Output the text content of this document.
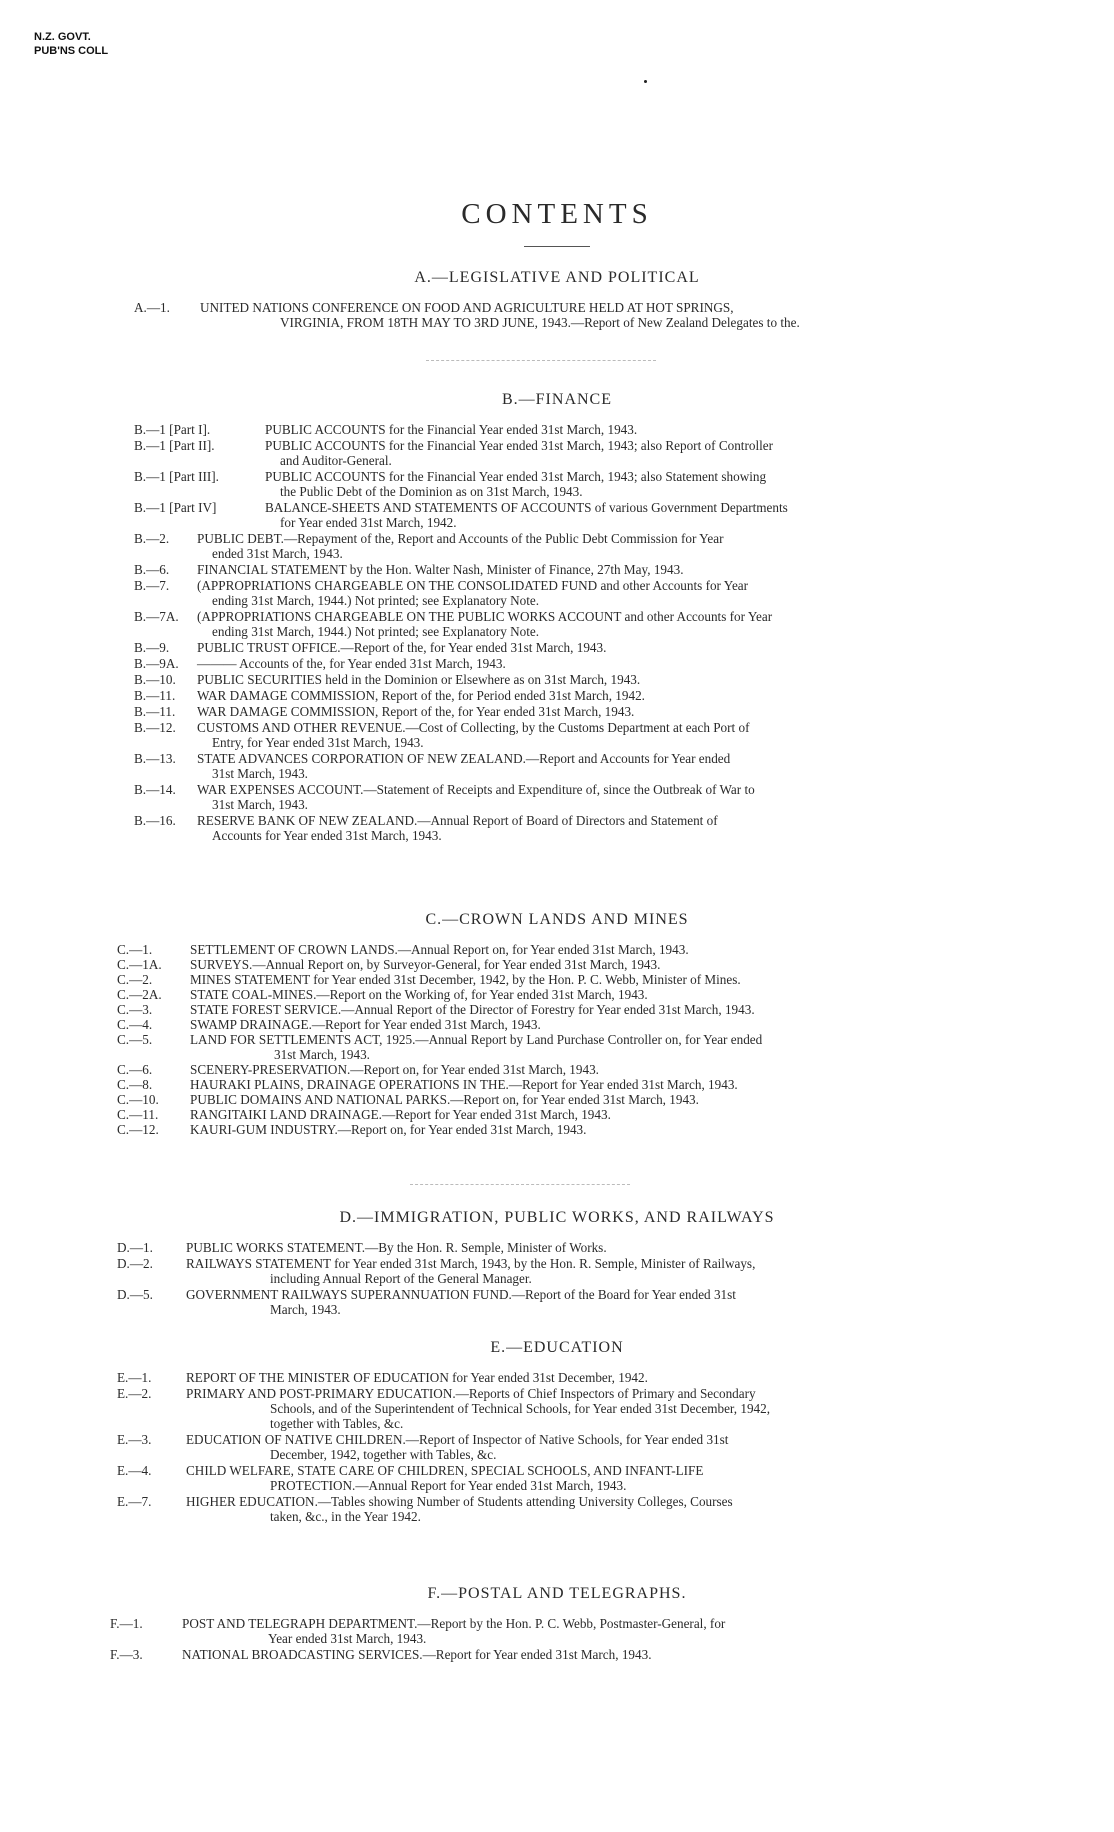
N.Z. GOVT.
PUB'NS COLL
CONTENTS
A.—LEGISLATIVE AND POLITICAL
A.—1. UNITED NATIONS CONFERENCE ON FOOD AND AGRICULTURE HELD AT HOT SPRINGS,
VIRGINIA, FROM 18TH MAY TO 3RD JUNE, 1943.—Report of New Zealand Delegates to the.
B.—FINANCE
B.—1 [Part I].	PUBLIC ACCOUNTS for the Financial Year ended 31st March, 1943.
B.—1 [Part II].	PUBLIC ACCOUNTS for the Financial Year ended 31st March, 1943; also Report of Controller
and Auditor-General.
B.—1 [Part III].	PUBLIC ACCOUNTS for the Financial Year ended 31st March, 1943; also Statement showing
the Public Debt of the Dominion as on 31st March, 1943.
B.—1 [Part IV]	BALANCE-SHEETS AND STATEMENTS OF ACCOUNTS of various Government Departments
for Year ended 31st March, 1942.
B.—2. PUBLIC DEBT.—Repayment of the, Report and Accounts of the Public Debt Commission for Year
ended 31st March, 1943.
B.—6. FINANCIAL STATEMENT by the Hon. Walter Nash, Minister of Finance, 27th May, 1943.
B.—7. (APPROPRIATIONS CHARGEABLE ON THE CONSOLIDATED FUND and other Accounts for Year
ending 31st March, 1944.) Not printed; see Explanatory Note.
B.—7A. (APPROPRIATIONS CHARGEABLE ON THE PUBLIC WORKS ACCOUNT and other Accounts for Year
ending 31st March, 1944.) Not printed; see Explanatory Note.
B.—9. PUBLIC TRUST OFFICE.—Report of the, for Year ended 31st March, 1943.
B.—9A. ——— Accounts of the, for Year ended 31st March, 1943.
B.—10. PUBLIC SECURITIES held in the Dominion or Elsewhere as on 31st March, 1943.
B.—11. WAR DAMAGE COMMISSION, Report of the, for Period ended 31st March, 1942.
B.—11. WAR DAMAGE COMMISSION, Report of the, for Year ended 31st March, 1943.
B.—12. CUSTOMS AND OTHER REVENUE.—Cost of Collecting, by the Customs Department at each Port of
Entry, for Year ended 31st March, 1943.
B.—13. STATE ADVANCES CORPORATION OF NEW ZEALAND.—Report and Accounts for Year ended
31st March, 1943.
B.—14. WAR EXPENSES ACCOUNT.—Statement of Receipts and Expenditure of, since the Outbreak of War to
31st March, 1943.
B.—16. RESERVE BANK OF NEW ZEALAND.—Annual Report of Board of Directors and Statement of
Accounts for Year ended 31st March, 1943.
C.—CROWN LANDS AND MINES
C.—1.	SETTLEMENT OF CROWN LANDS.—Annual Report on, for Year ended 31st March, 1943.
C.—1A. SURVEYS.—Annual Report on, by Surveyor-General, for Year ended 31st March, 1943.
C.—2.	MINES STATEMENT for Year ended 31st December, 1942, by the Hon. P. C. Webb, Minister of Mines.
C.—2A. STATE COAL-MINES.—Report on the Working of, for Year ended 31st March, 1943.
C.—3.	STATE FOREST SERVICE.—Annual Report of the Director of Forestry for Year ended 31st March, 1943.
C.—4.	SWAMP DRAINAGE.—Report for Year ended 31st March, 1943.
C.—5.	LAND FOR SETTLEMENTS ACT, 1925.—Annual Report by Land Purchase Controller on, for Year ended
31st March, 1943.
C.—6.	SCENERY-PRESERVATION.—Report on, for Year ended 31st March, 1943.
C.—8.	HAURAKI PLAINS, DRAINAGE OPERATIONS IN THE.—Report for Year ended 31st March, 1943.
C.—10. PUBLIC DOMAINS AND NATIONAL PARKS.—Report on, for Year ended 31st March, 1943.
C.—11. RANGITAIKI LAND DRAINAGE.—Report for Year ended 31st March, 1943.
C.—12. KAURI-GUM INDUSTRY.—Report on, for Year ended 31st March, 1943.
D.—IMMIGRATION, PUBLIC WORKS, AND RAILWAYS
D.—1.	PUBLIC WORKS STATEMENT.—By the Hon. R. Semple, Minister of Works.
D.—2.	RAILWAYS STATEMENT for Year ended 31st March, 1943, by the Hon. R. Semple, Minister of Railways,
including Annual Report of the General Manager.
D.—5.	GOVERNMENT RAILWAYS SUPERANNUATION FUND.—Report of the Board for Year ended 31st
March, 1943.
E.—EDUCATION
E.—1.	REPORT OF THE MINISTER OF EDUCATION for Year ended 31st December, 1942.
E.—2.	PRIMARY AND POST-PRIMARY EDUCATION.—Reports of Chief Inspectors of Primary and Secondary
Schools, and of the Superintendent of Technical Schools, for Year ended 31st December, 1942,
together with Tables, &c.
E.—3.	EDUCATION OF NATIVE CHILDREN.—Report of Inspector of Native Schools, for Year ended 31st
December, 1942, together with Tables, &c.
E.—4.	CHILD WELFARE, STATE CARE OF CHILDREN, SPECIAL SCHOOLS, AND INFANT-LIFE
PROTECTION.—Annual Report for Year ended 31st March, 1943.
E.—7.	HIGHER EDUCATION.—Tables showing Number of Students attending University Colleges, Courses
taken, &c., in the Year 1942.
F.—POSTAL AND TELEGRAPHS.
F.—1.	POST AND TELEGRAPH DEPARTMENT.—Report by the Hon. P. C. Webb, Postmaster-General, for
Year ended 31st March, 1943.
F.—3.	NATIONAL BROADCASTING SERVICES.—Report for Year ended 31st March, 1943.
